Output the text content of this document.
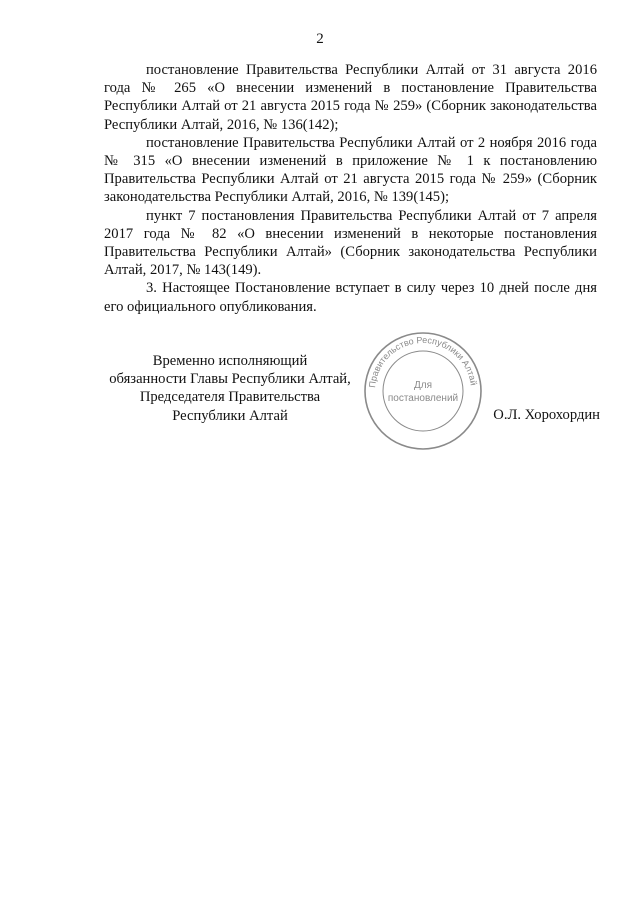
2

постановление Правительства Республики Алтай от 31 августа 2016 года № 265 «О внесении изменений в постановление Правительства Республики Алтай от 21 августа 2015 года № 259» (Сборник законодательства Республики Алтай, 2016, № 136(142);

постановление Правительства Республики Алтай от 2 ноября 2016 года № 315 «О внесении изменений в приложение № 1 к постановлению Правительства Республики Алтай от 21 августа 2015 года № 259» (Сборник законодательства Республики Алтай, 2016, № 139(145);

пункт 7 постановления Правительства Республики Алтай от 7 апреля 2017 года № 82 «О внесении изменений в некоторые постановления Правительства Республики Алтай» (Сборник законодательства Республики Алтай, 2017, № 143(149).

3. Настоящее Постановление вступает в силу через 10 дней после дня его официального опубликования.

Временно исполняющий
обязанности Главы Республики Алтай,
Председателя Правительства
Республики Алтай
Правительство Республики Алтай
Для
постановлений
О.Л. Хорохордин
